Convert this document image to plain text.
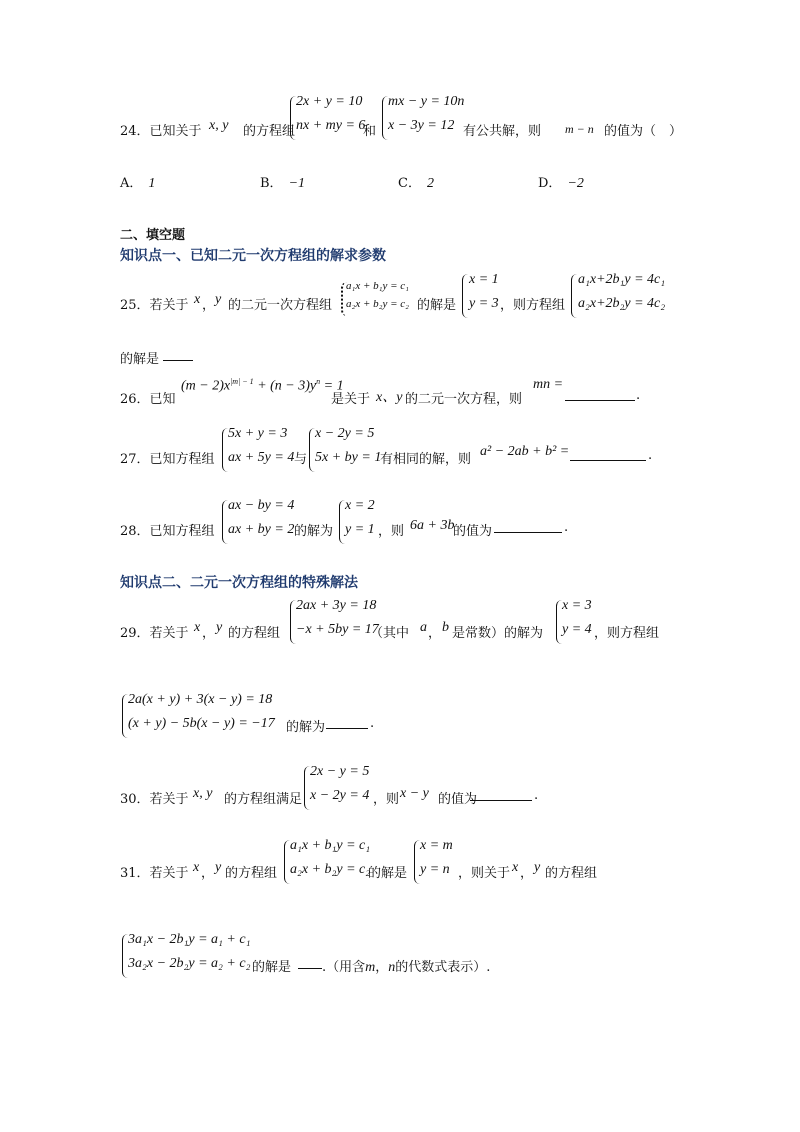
24．已知关于 x, y 的方程组
2x + y = 10
nx + my = 6
和
mx − y = 10n
x − 3y = 12 有公共解，则 m − n 的值为（　）
A． 1	B． −1	C． 2	D． −2
二、填空题
知识点一、已知二元一次方程组的解求参数
25．若关于 x ， y 的二元一次方程组
a₁x + b₁y = c₁
a₂x + b₂y = c₂ 的解是
x = 1
y = 3 ，则方程组
a₁x+2b₁y = 4c₁
a₂x+2b₂y = 4c₂
的解是
26．已知
$(m - 2)x^{|m| - 1} + (n - 3)y^n = 1$
是关于 x、y 的二元一次方程，则
mn =
.
27．已知方程组
5x + y = 3
ax + 5y = 4 与
x − 2y = 5
5x + by = 1
有相同的解，则
a² − 2ab + b² =	.
28．已知方程组
ax − by = 4
ax + by = 2 的解为
x = 2
y = 1 ，则 6a + 3b
的值为	.
知识点二、二元一次方程组的特殊解法
29．若关于 x ， y 的方程组
2ax + 3y = 18
−x + 5by = 17
（其中 a ， b 是常数）的解为
x = 3
y = 4 ，则方程组
2a(x + y) + 3(x − y) = 18
(x + y) − 5b(x − y) = −17 的解为	.
30．若关于 x, y 的方程组满足
2x − y = 5
x − 2y = 4 ，则 x − y 的值为	.
31．若关于 x ， y 的方程组
a₁x + b₁y = c₁
a₂x + b₂y = c₂
的解是
x = m
y = n ，则关于 x ， y 的方程组
3a₁x − 2b₁y = a₁ + c₁
3a₂x − 2b₂y = a₂ + c₂ 的解是 .（用含m，n的代数式表示）.
